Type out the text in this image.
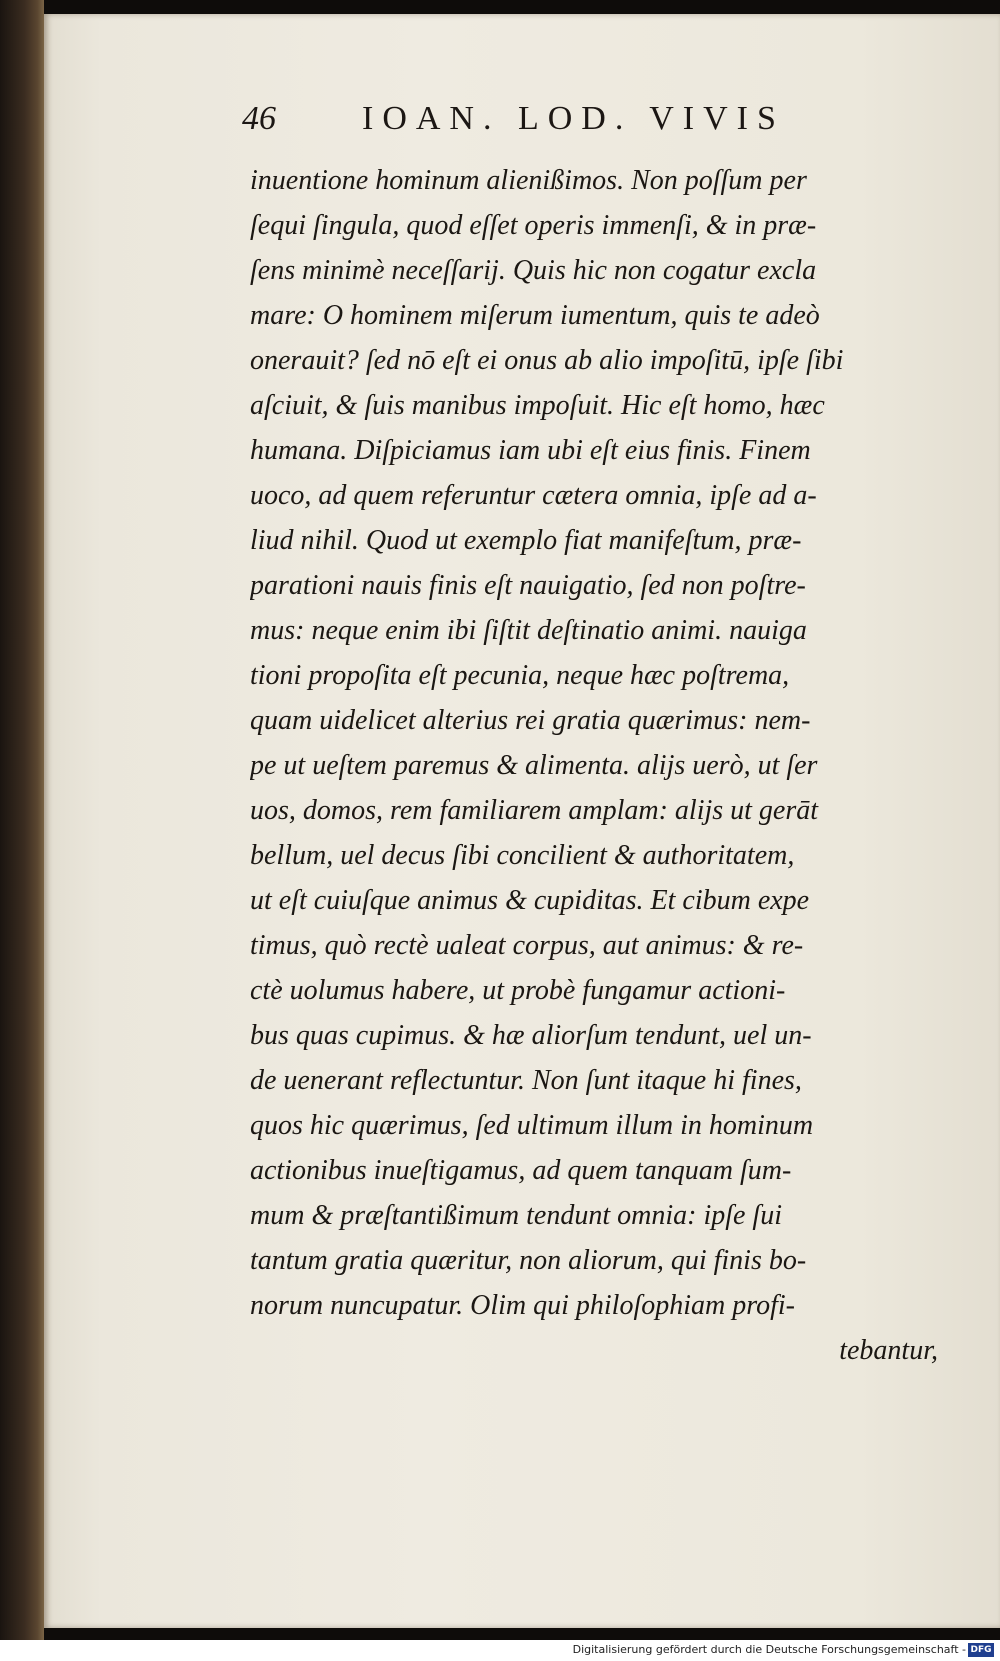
46	IOAN. LOD. VIVIS
inuentione hominum alienißimos. Non poſſum per
ſequi ſingula, quod eſſet operis immenſi, & in præ-
ſens minimè neceſſarij. Quis hic non cogatur excla
mare: O hominem miſerum iumentum, quis te adeò
onerauit? ſed nō eſt ei onus ab alio impoſitū, ipſe ſibi
aſciuit, & ſuis manibus impoſuit. Hic eſt homo, hæc
humana. Diſpiciamus iam ubi eſt eius finis. Finem
uoco, ad quem referuntur cætera omnia, ipſe ad a-
liud nihil. Quod ut exemplo fiat manifeſtum, præ-
parationi nauis finis eſt nauigatio, ſed non poſtre-
mus: neque enim ibi ſiſtit deſtinatio animi. nauiga
tioni propoſita eſt pecunia, neque hæc poſtrema,
quam uidelicet alterius rei gratia quærimus: nem-
pe ut ueſtem paremus & alimenta. alijs uerò, ut ſer
uos, domos, rem familiarem amplam: alijs ut gerāt
bellum, uel decus ſibi concilient & authoritatem,
ut eſt cuiuſque animus & cupiditas. Et cibum expe
timus, quò rectè ualeat corpus, aut animus: & re-
ctè uolumus habere, ut probè fungamur actioni-
bus quas cupimus. & hæ aliorſum tendunt, uel un-
de uenerant reflectuntur. Non ſunt itaque hi fines,
quos hic quærimus, ſed ultimum illum in hominum
actionibus inueſtigamus, ad quem tanquam ſum-
mum & præſtantißimum tendunt omnia: ipſe ſui
tantum gratia quæritur, non aliorum, qui finis bo-
norum nuncupatur. Olim qui philoſophiam profi-
tebantur,
Digitalisierung gefördert durch die Deutsche Forschungsgemeinschaft - DFG
